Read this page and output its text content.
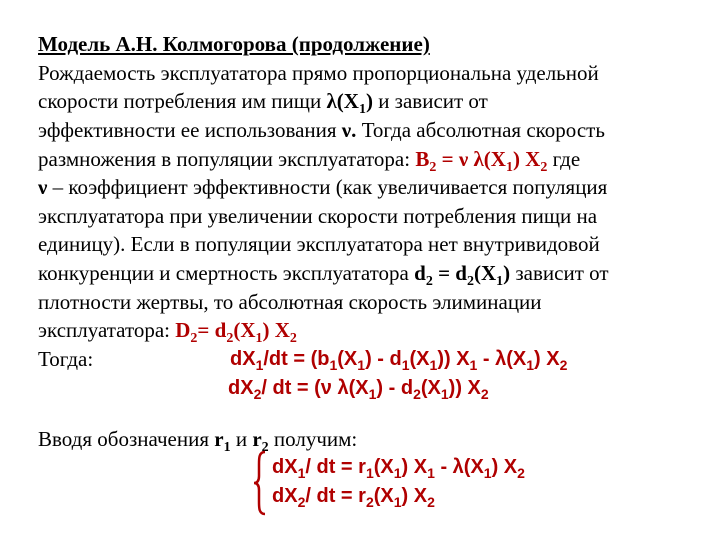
Модель А.Н. Колмогорова (продолжение)
Рождаемость эксплуататора прямо пропорциональна удельной
скорости потребления им пищи $\lambda(Х_1)$ и зависит от
эффективности ее использования ν. Тогда абсолютная скорость
размножения в популяции эксплуататора: $B_2 = \nu$ $\lambda(X_1)$ $X_2$ где
ν – коэффициент эффективности (как увеличивается популяция
эксплуататора при увеличении скорости потребления пищи на
единицу). Если в популяции эксплуататора нет внутривидовой
конкуренции и смертность эксплуататора $d_2 = d_2(X_1)$ зависит от
плотности жертвы, то абсолютная скорость элиминации
эксплуататора: $D_2= d_2(X_1)$ $X_2$
Тогда:	$dX_1/dt = (b_1(X_1) - d_1(X_1))$ $X_1 - \lambda(X_1)$ $X_2$
$dX_2/$ dt = (ν $\lambda(X_1) - d_2(X_1)$) $X_2$
Вводя обозначения $r_1$ и $r_2$ получим:
$dX_1/$ dt = $r_1(X_1)$ $X_1 - \lambda(X_1)$ $X_2$
$dX_2/$ dt = $r_2(X_1)$ $X_2$
